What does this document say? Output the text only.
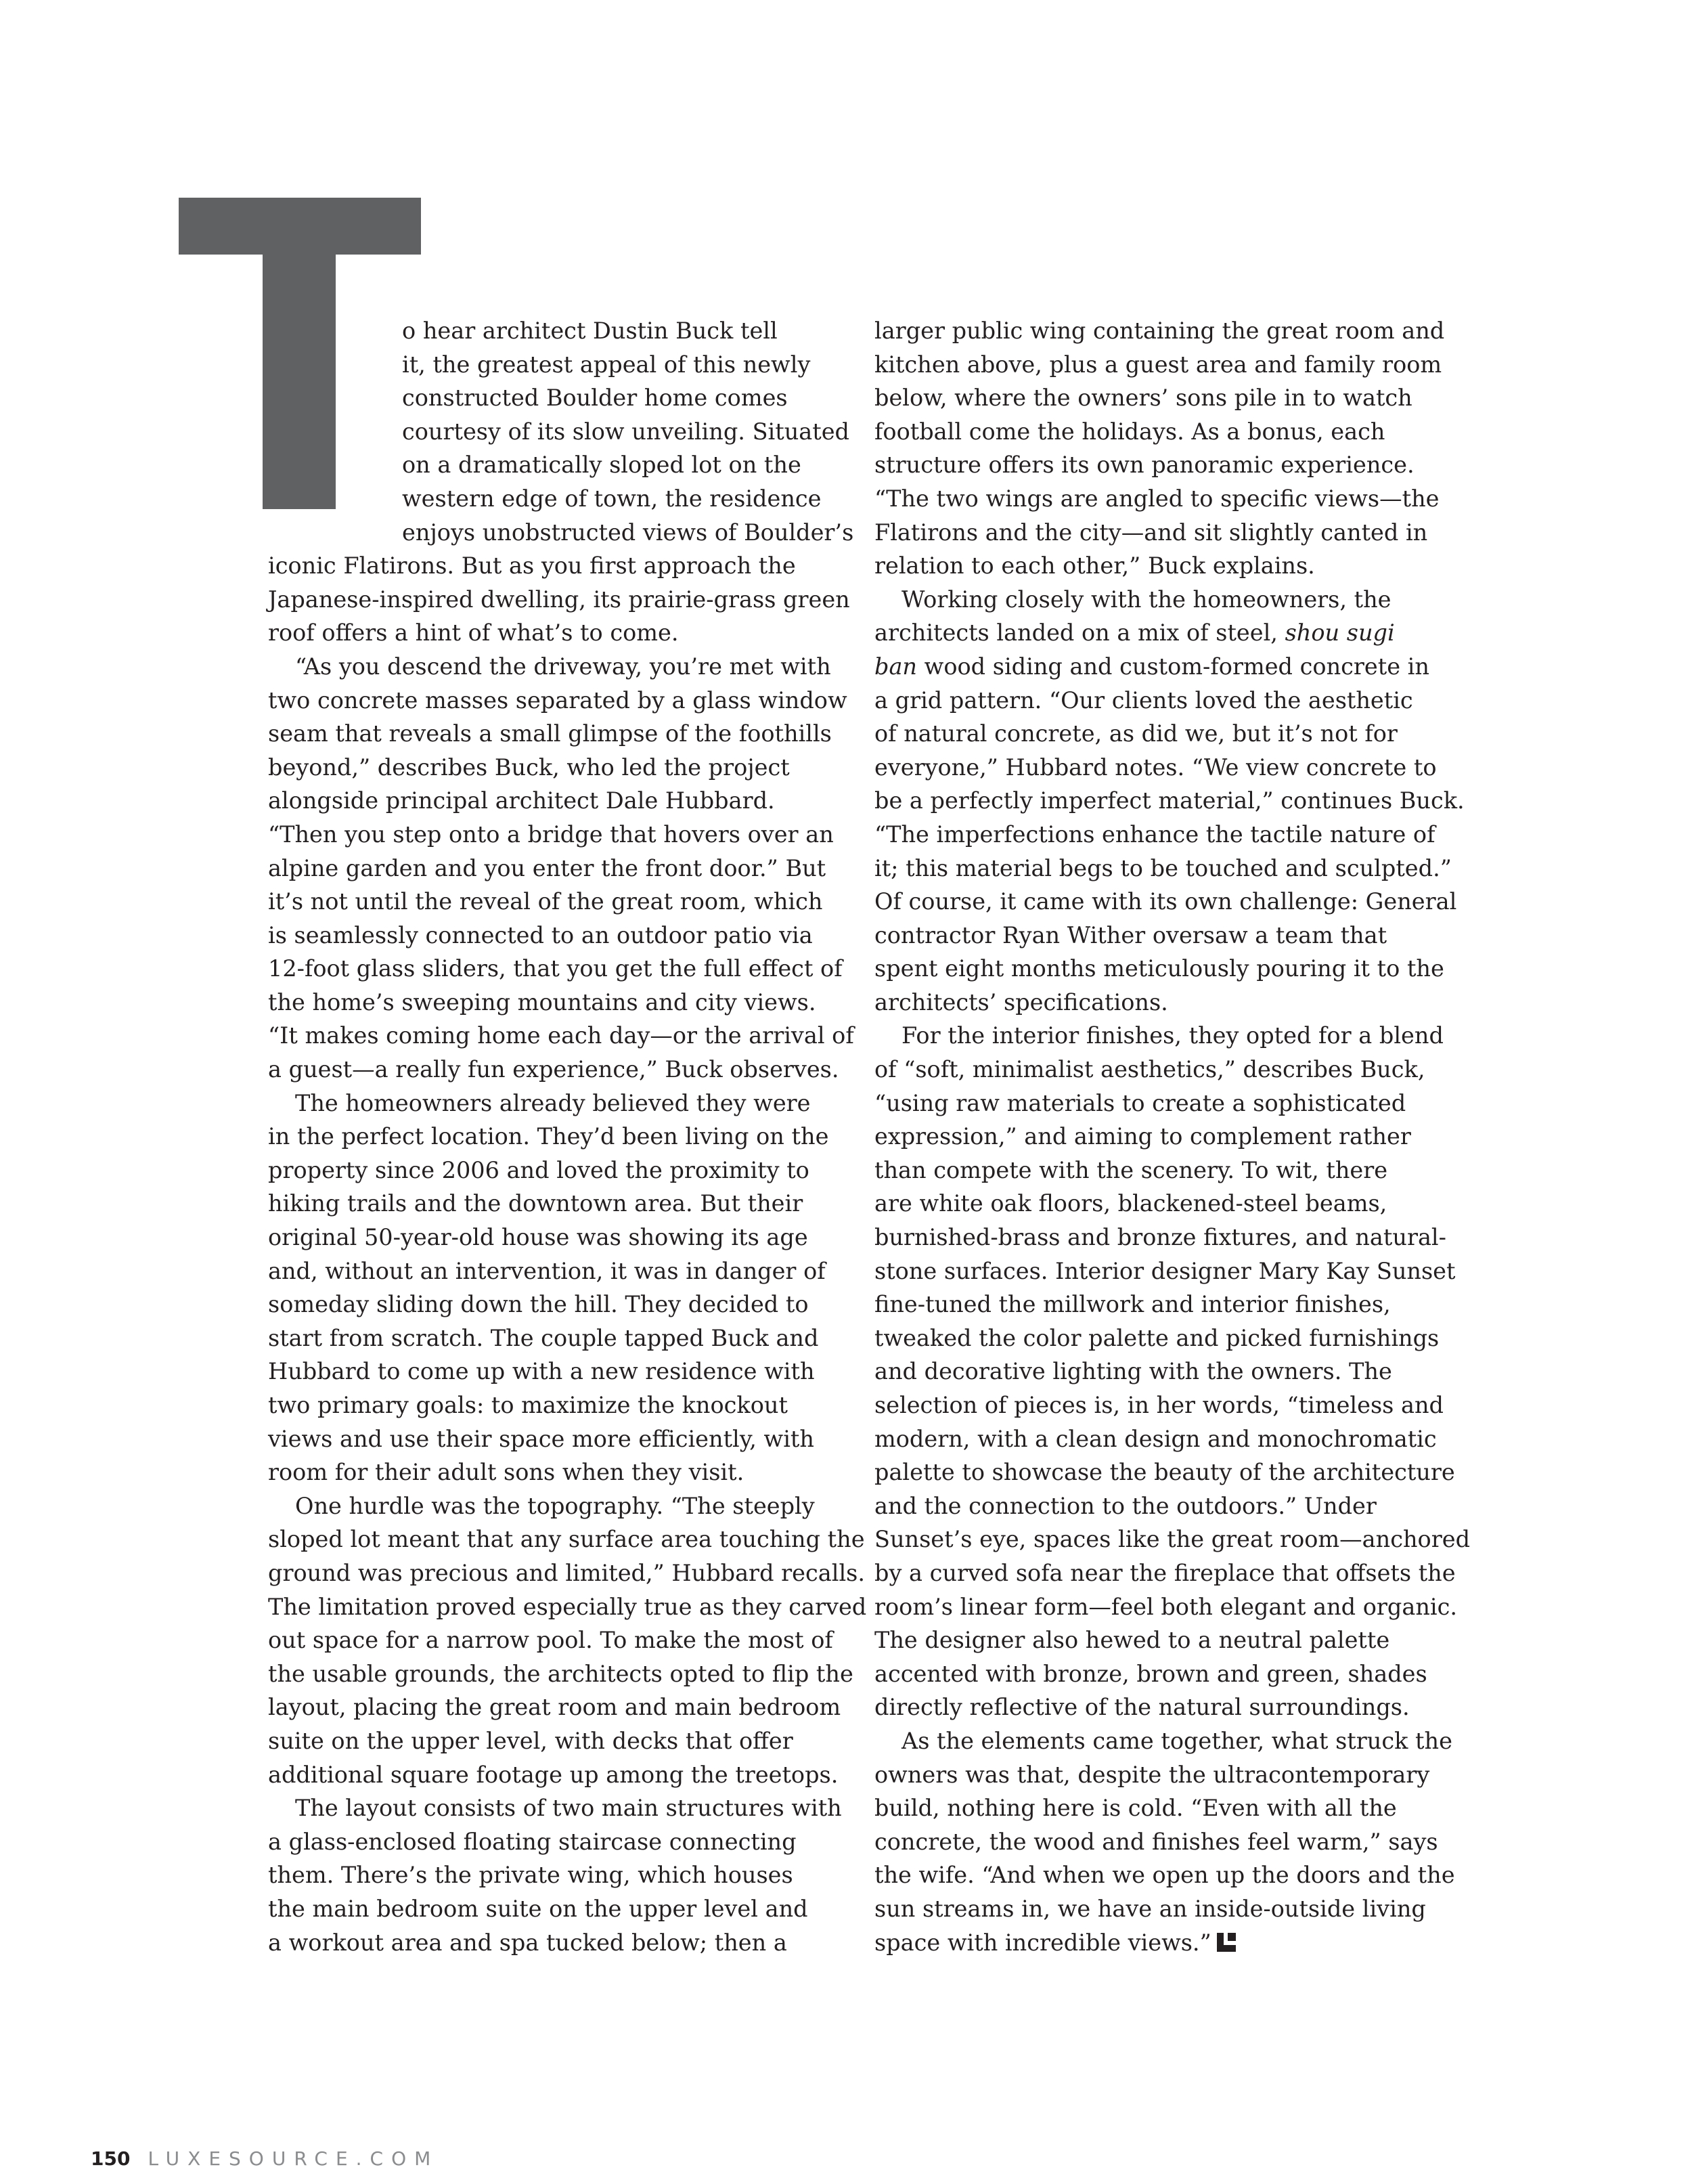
o hear architect Dustin Buck tell
it, the greatest appeal of this newly
constructed Boulder home comes
courtesy of its slow unveiling. Situated
on a dramatically sloped lot on the
western edge of town, the residence
enjoys unobstructed views of Boulder’s
iconic Flatirons. But as you first approach the
Japanese-inspired dwelling, its prairie-grass green
roof offers a hint of what’s to come.
“As you descend the driveway, you’re met with
two concrete masses separated by a glass window
seam that reveals a small glimpse of the foothills
beyond,” describes Buck, who led the project
alongside principal architect Dale Hubbard.
“Then you step onto a bridge that hovers over an
alpine garden and you enter the front door.” But
it’s not until the reveal of the great room, which
is seamlessly connected to an outdoor patio via
12-foot glass sliders, that you get the full effect of
the home’s sweeping mountains and city views.
“It makes coming home each day—or the arrival of
a guest—a really fun experience,” Buck observes.
The homeowners already believed they were
in the perfect location. They’d been living on the
property since 2006 and loved the proximity to
hiking trails and the downtown area. But their
original 50-year-old house was showing its age
and, without an intervention, it was in danger of
someday sliding down the hill. They decided to
start from scratch. The couple tapped Buck and
Hubbard to come up with a new residence with
two primary goals: to maximize the knockout
views and use their space more efficiently, with
room for their adult sons when they visit.
One hurdle was the topography. “The steeply
sloped lot meant that any surface area touching the
ground was precious and limited,” Hubbard recalls.
The limitation proved especially true as they carved
out space for a narrow pool. To make the most of
the usable grounds, the architects opted to flip the
layout, placing the great room and main bedroom
suite on the upper level, with decks that offer
additional square footage up among the treetops.
The layout consists of two main structures with
a glass-enclosed floating staircase connecting
them. There’s the private wing, which houses
the main bedroom suite on the upper level and
a workout area and spa tucked below; then a
larger public wing containing the great room and
kitchen above, plus a guest area and family room
below, where the owners’ sons pile in to watch
football come the holidays. As a bonus, each
structure offers its own panoramic experience.
“The two wings are angled to specific views—the
Flatirons and the city—and sit slightly canted in
relation to each other,” Buck explains.
Working closely with the homeowners, the
architects landed on a mix of steel, shou sugi
ban wood siding and custom-formed concrete in
a grid pattern. “Our clients loved the aesthetic
of natural concrete, as did we, but it’s not for
everyone,” Hubbard notes. “We view concrete to
be a perfectly imperfect material,” continues Buck.
“The imperfections enhance the tactile nature of
it; this material begs to be touched and sculpted.”
Of course, it came with its own challenge: General
contractor Ryan Wither oversaw a team that
spent eight months meticulously pouring it to the
architects’ specifications.
For the interior finishes, they opted for a blend
of “soft, minimalist aesthetics,” describes Buck,
“using raw materials to create a sophisticated
expression,” and aiming to complement rather
than compete with the scenery. To wit, there
are white oak floors, blackened-steel beams,
burnished-brass and bronze fixtures, and natural-
stone surfaces. Interior designer Mary Kay Sunset
fine-tuned the millwork and interior finishes,
tweaked the color palette and picked furnishings
and decorative lighting with the owners. The
selection of pieces is, in her words, “timeless and
modern, with a clean design and monochromatic
palette to showcase the beauty of the architecture
and the connection to the outdoors.” Under
Sunset’s eye, spaces like the great room—anchored
by a curved sofa near the fireplace that offsets the
room’s linear form—feel both elegant and organic.
The designer also hewed to a neutral palette
accented with bronze, brown and green, shades
directly reflective of the natural surroundings.
As the elements came together, what struck the
owners was that, despite the ultracontemporary
build, nothing here is cold. “Even with all the
concrete, the wood and finishes feel warm,” says
the wife. “And when we open up the doors and the
sun streams in, we have an inside-outside living
space with incredible views.”
150 LUXESOURCE.COM
